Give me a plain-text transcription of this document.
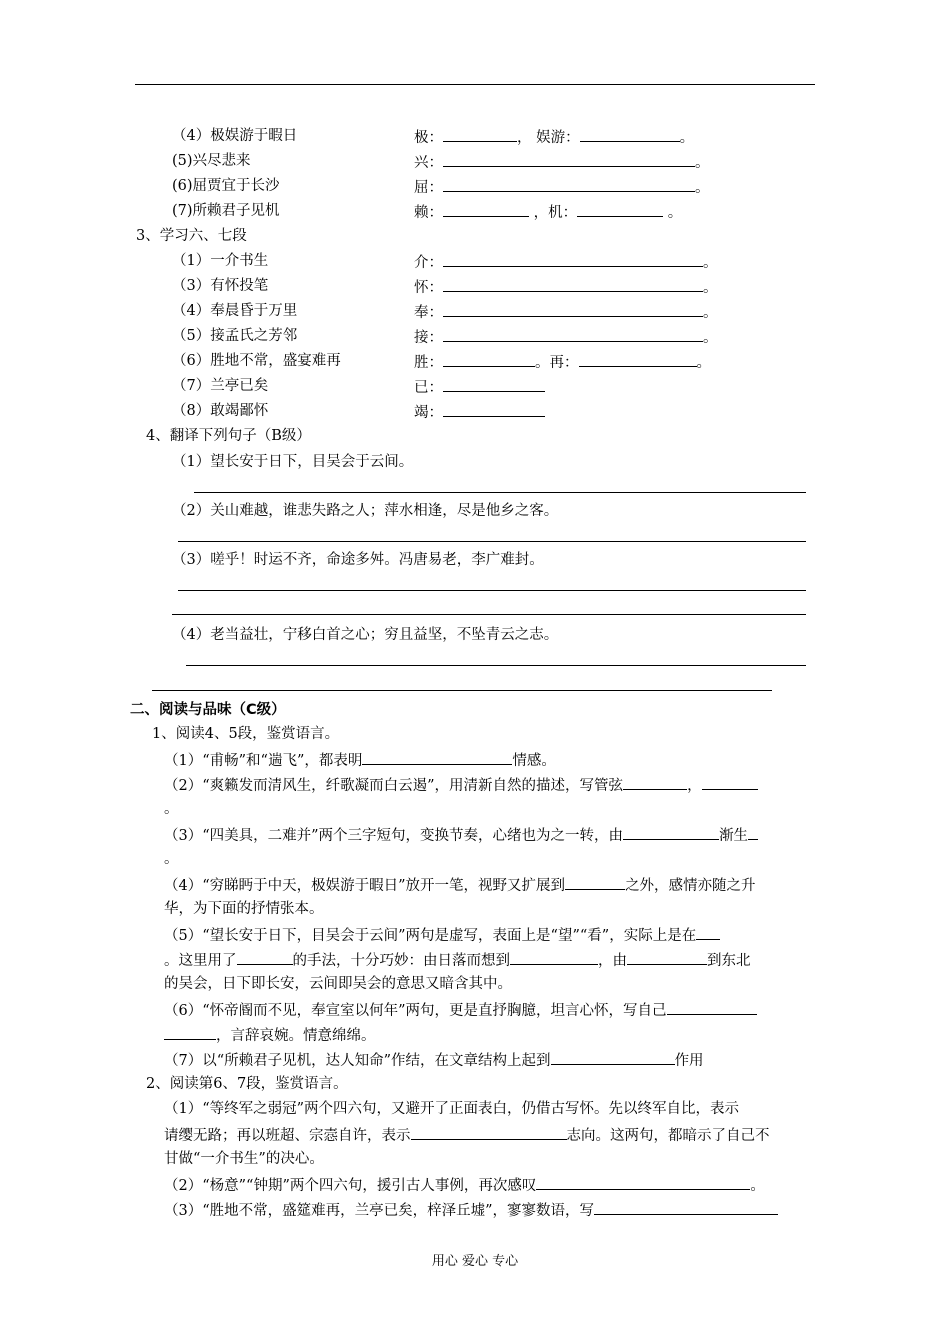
（4）极娱游于暇日	极：	， 娱游：	。
(5)兴尽悲来	兴：	。
(6)屈贾宜于长沙	屈：	。
(7)所赖君子见机	赖：	，机：	。
3、学习六、七段
（1）一介书生	介：	。
（3）有怀投笔	怀：	。
（4）奉晨昏于万里	奉：	。
（5）接孟氏之芳邻	接：	。
（6）胜地不常，盛宴难再	胜：	。再：	。
（7）兰亭已矣	已：
（8）敢竭鄙怀	竭：
4、翻译下列句子（B级）
（1）望长安于日下，目吴会于云间。
（2）关山难越，谁悲失路之人；萍水相逢，尽是他乡之客。
（3）嗟乎！时运不齐，命途多舛。冯唐易老，李广难封。
（4）老当益壮，宁移白首之心；穷且益坚，不坠青云之志。
二、阅读与品味（C级）
1、阅读4、5段，鉴赏语言。
（1）“甫畅”和“遄飞”，都表明	情感。
（2）“爽籁发而清风生，纤歌凝而白云遏”，用清新自然的描述，写管弦	，
。
（3）“四美具，二难并”两个三字短句，变换节奏，心绪也为之一转，由	渐生
。
（4）“穷睇眄于中天，极娱游于暇日”放开一笔，视野又扩展到	之外，感情亦随之升
华，为下面的抒情张本。
（5）“望长安于日下，目吴会于云间”两句是虚写，表面上是“望”“看”，实际上是在
。这里用了	的手法，十分巧妙：由日落而想到	，由	到东北
的吴会，日下即长安，云间即吴会的意思又暗含其中。
（6）“怀帝阍而不见，奉宣室以何年”两句，更是直抒胸臆，坦言心怀，写自己
，言辞哀婉。情意绵绵。
（7）以“所赖君子见机，达人知命”作结，在文章结构上起到	作用
2、阅读第6、7段，鉴赏语言。
（1）“等终军之弱冠”两个四六句，又避开了正面表白，仍借古写怀。先以终军自比，表示
请缨无路；再以班超、宗悫自许，表示	志向。这两句，都暗示了自己不
甘做“一介书生”的决心。
（2）“杨意”“钟期”两个四六句，援引古人事例，再次感叹	。
（3）“胜地不常，盛筵难再，兰亭已矣，梓泽丘墟”，寥寥数语，写
用心 爱心 专心
